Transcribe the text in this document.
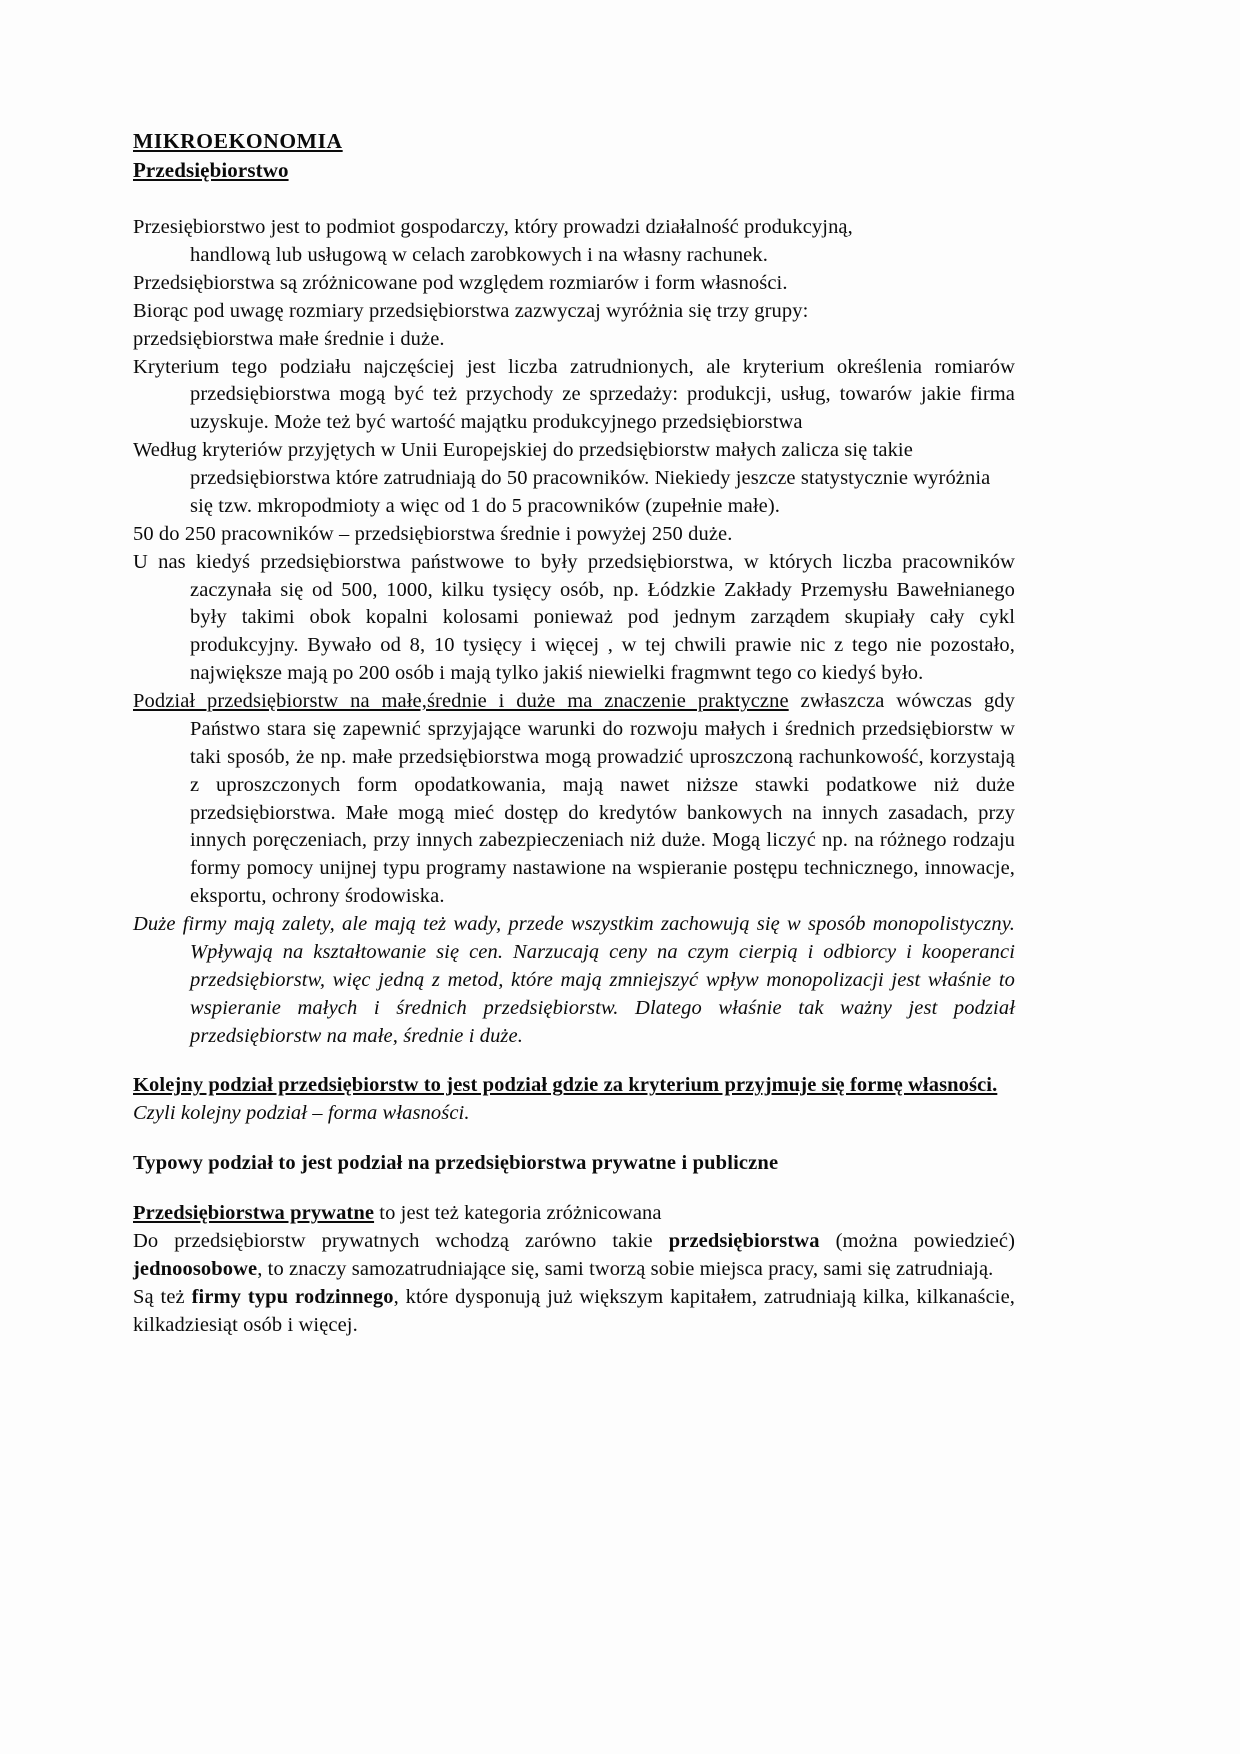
MIKROEKONOMIA
Przedsiębiorstwo
Przesiębiorstwo jest to podmiot gospodarczy, który prowadzi działalność produkcyjną,
handlową lub usługową w celach zarobkowych i na własny rachunek.
Przedsiębiorstwa są zróżnicowane pod względem rozmiarów i form własności.
Biorąc pod uwagę rozmiary przedsiębiorstwa zazwyczaj wyróżnia się trzy grupy:
przedsiębiorstwa małe średnie i duże.
Kryterium tego podziału najczęściej jest liczba zatrudnionych, ale kryterium określenia romiarów przedsiębiorstwa mogą być też przychody ze sprzedaży: produkcji, usług, towarów jakie firma uzyskuje. Może też być wartość majątku produkcyjnego przedsiębiorstwa
Według kryteriów przyjętych w Unii Europejskiej do przedsiębiorstw małych zalicza się takie przedsiębiorstwa które zatrudniają do 50 pracowników. Niekiedy jeszcze statystycznie wyróżnia się tzw. mkropodmioty a więc od 1 do 5 pracowników (zupełnie małe).
50 do 250 pracowników – przedsiębiorstwa średnie i powyżej 250 duże.
U nas kiedyś przedsiębiorstwa państwowe to były przedsiębiorstwa, w których liczba pracowników zaczynała się od 500, 1000, kilku tysięcy osób, np. Łódzkie Zakłady Przemysłu Bawełnianego były takimi obok kopalni kolosami ponieważ pod jednym zarządem skupiały cały cykl produkcyjny. Bywało od 8, 10 tysięcy i więcej , w tej chwili prawie nic z tego nie pozostało, największe mają po 200 osób i mają tylko jakiś niewielki fragmwnt tego co kiedyś było.
Podział przedsiębiorstw na małe,średnie i duże ma znaczenie praktyczne zwłaszcza wówczas gdy Państwo stara się zapewnić sprzyjające warunki do rozwoju małych i średnich przedsiębiorstw w taki sposób, że np. małe przedsiębiorstwa mogą prowadzić uproszczoną rachunkowość, korzystają z uproszczonych form opodatkowania, mają nawet niższe stawki podatkowe niż duże przedsiębiorstwa. Małe mogą mieć dostęp do kredytów bankowych na innych zasadach, przy innych poręczeniach, przy innych zabezpieczeniach niż duże. Mogą liczyć np. na różnego rodzaju formy pomocy unijnej typu programy nastawione na wspieranie postępu technicznego, innowacje, eksportu, ochrony środowiska.
Duże firmy mają zalety, ale mają też wady, przede wszystkim zachowują się w sposób monopolistyczny. Wpływają na kształtowanie się cen. Narzucają ceny na czym cierpią i odbiorcy i kooperanci przedsiębiorstw, więc jedną z metod, które mają zmniejszyć wpływ monopolizacji jest właśnie to wspieranie małych i średnich przedsiębiorstw. Dlatego właśnie tak ważny jest podział przedsiębiorstw na małe, średnie i duże.
Kolejny podział przedsiębiorstw to jest podział gdzie za kryterium przyjmuje się formę własności.
Czyli kolejny podział – forma własności.
Typowy podział to jest podział na przedsiębiorstwa prywatne i publiczne
Przedsiębiorstwa prywatne to jest też kategoria zróżnicowana
Do przedsiębiorstw prywatnych wchodzą zarówno takie przedsiębiorstwa (można powiedzieć) jednoosobowe, to znaczy samozatrudniające się, sami tworzą sobie miejsca pracy, sami się zatrudniają.
Są też firmy typu rodzinnego, które dysponują już większym kapitałem, zatrudniają kilka, kilkanaście, kilkadziesiąt osób i więcej.
